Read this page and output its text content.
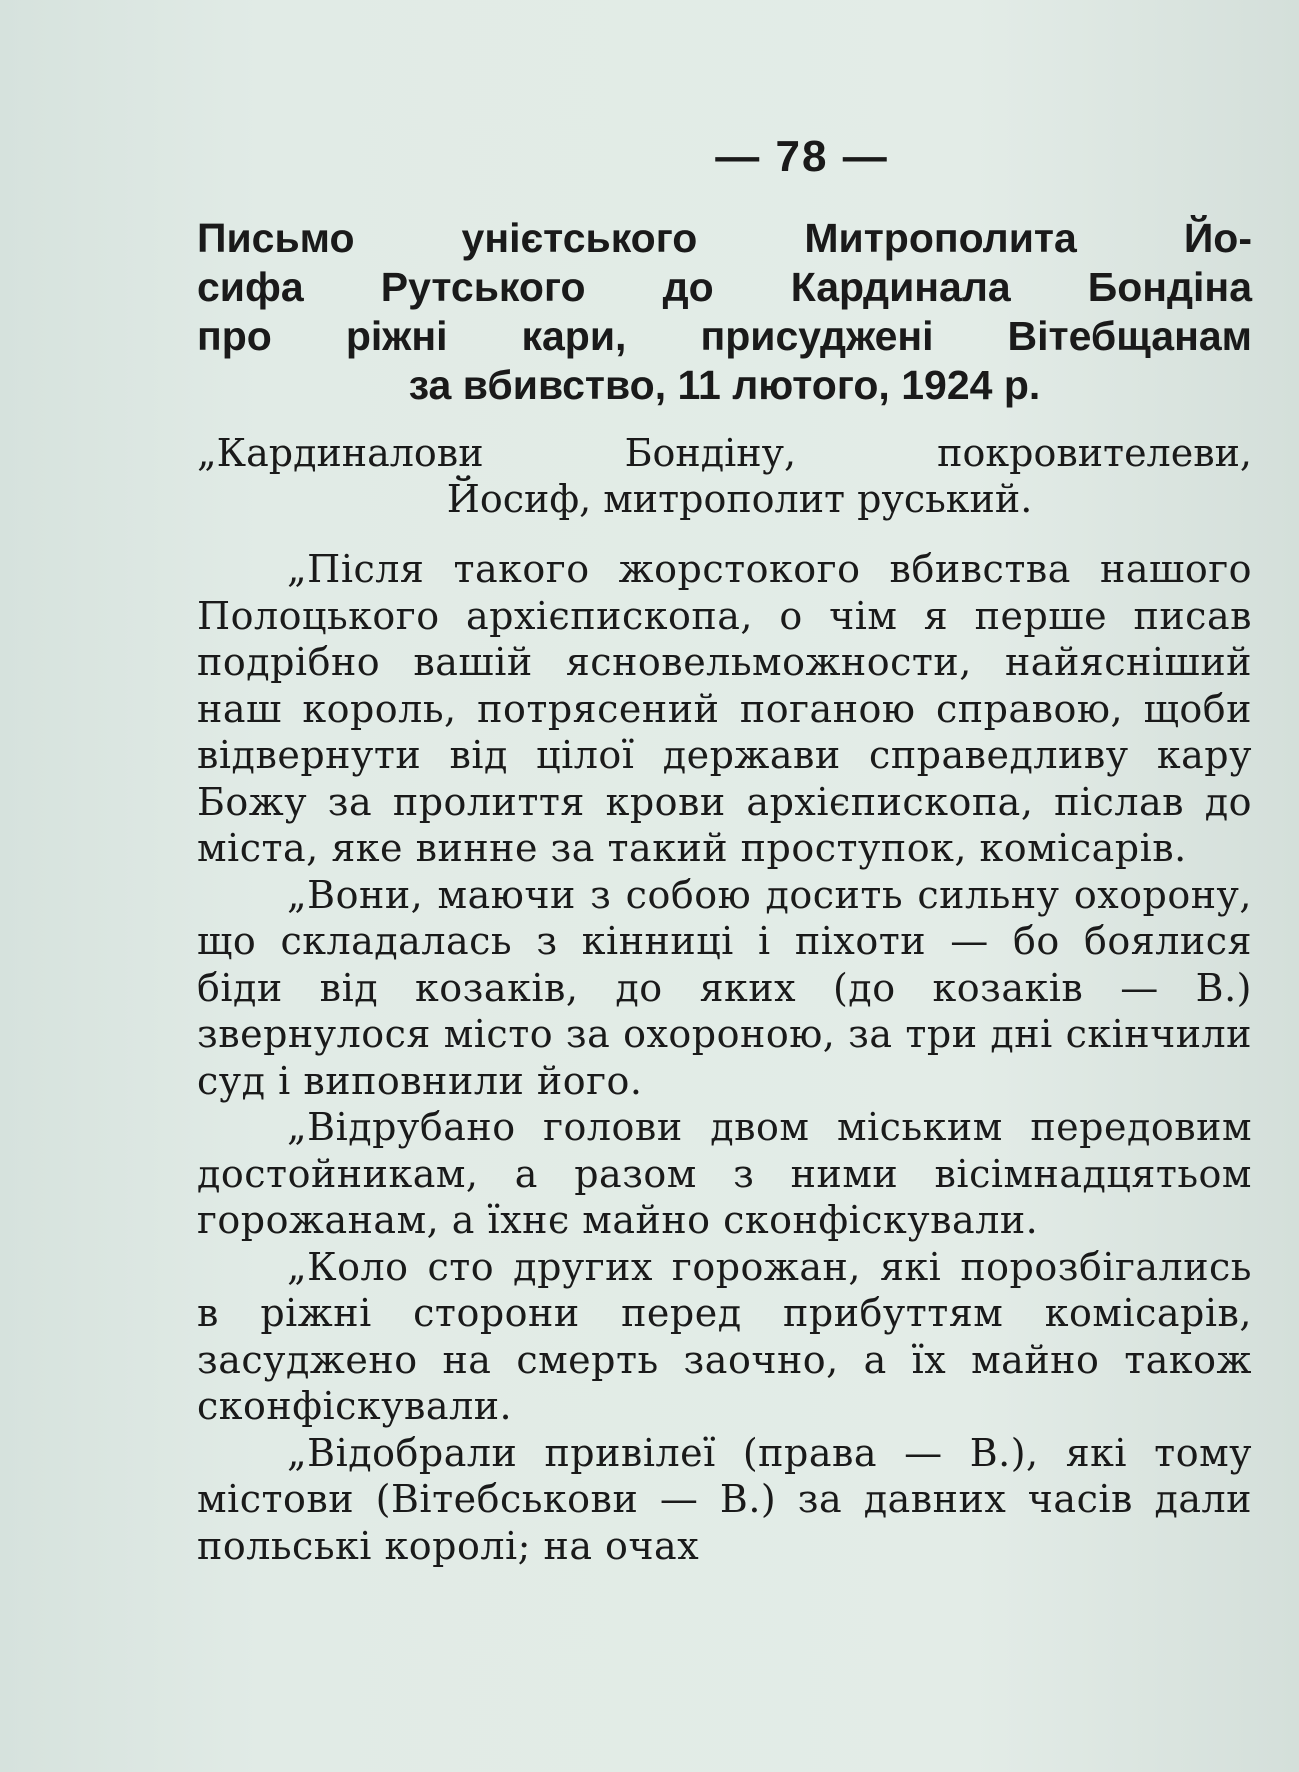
— 78 —
Письмо унієтського Митрополита Йо-
сифа Рутського до Кардинала Бондіна
про ріжні кари, присуджені Вітебщанам
за вбивство, 11 лютого, 1924 р.
„Кардиналови Бондіну, покровителеви,
Йосиф, митрополит руський.

„Після такого жорстокого вбивства нашого Полоцького архієпископа, о чім я перше писав подрібно вашій ясновельможности, найясніший наш король, потрясений поганою справою, щоби відвернути від цілої держави справедливу кару Божу за пролиття крови архієпископа, післав до міста, яке винне за такий проступок, комісарів.

„Вони, маючи з собою досить сильну охорону, що складалась з кінниці і піхоти — бо боялися біди від козаків, до яких (до козаків — В.) звернулося місто за охороною, за три дні скінчили суд і виповнили його.

„Відрубано голови двом міським передовим достойникам, а разом з ними вісімнадцятьом горожанам, а їхнє майно сконфіскували.

„Коло сто других горожан, які порозбігались в ріжні сторони перед прибуттям комісарів, засуджено на смерть заочно, а їх майно також сконфіскували.

„Відобрали привілеї (права — В.), які тому містови (Вітебськови — В.) за давних часів дали польські королі; на очах
